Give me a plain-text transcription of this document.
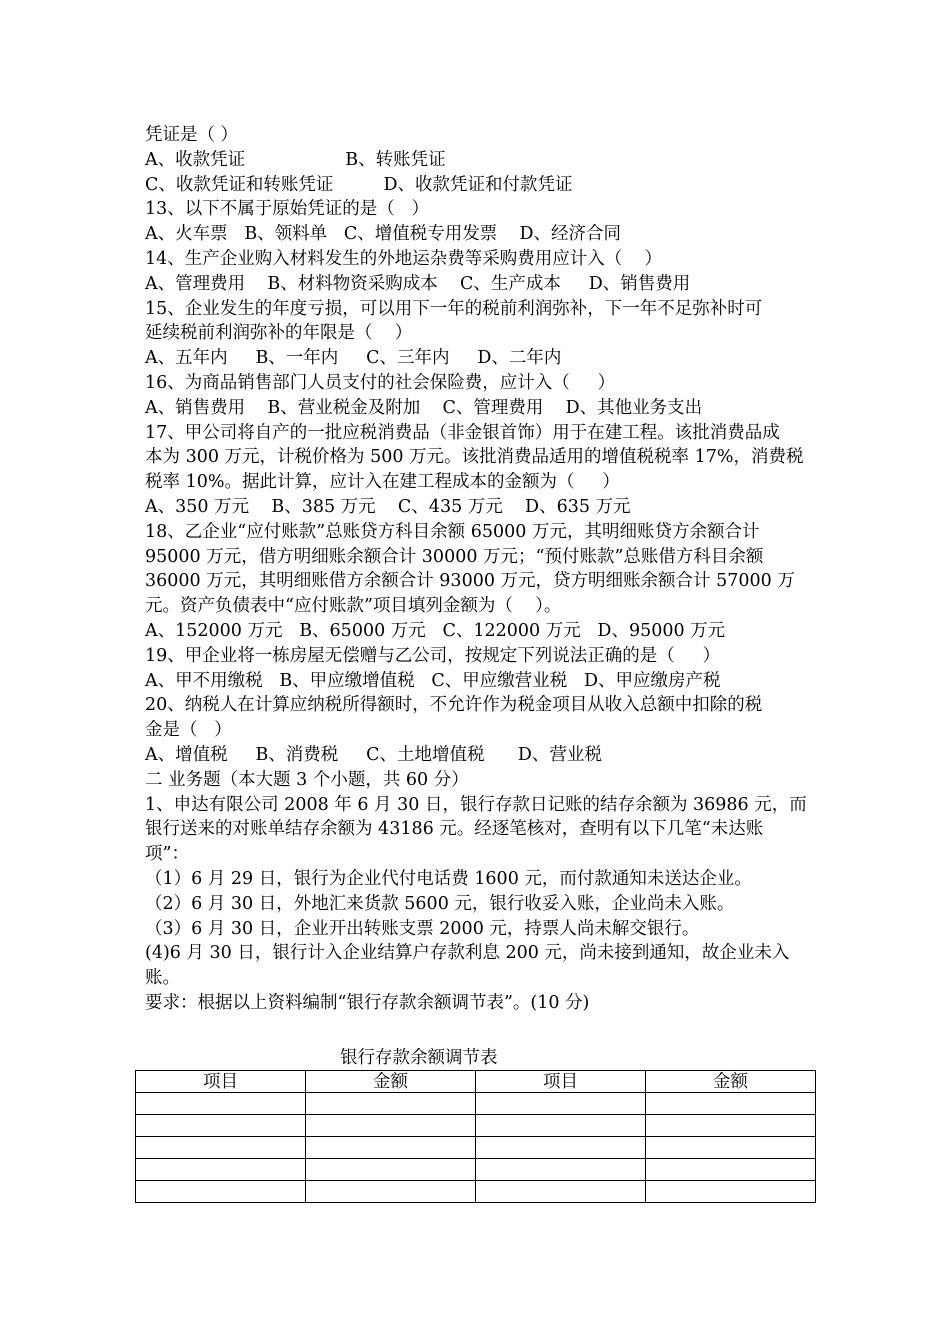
凭证是（ ）
A、收款凭证                  B、转账凭证
C、收款凭证和转账凭证         D、收款凭证和付款凭证
13、以下不属于原始凭证的是（   ）
A、火车票   B、领料单   C、增值税专用发票    D、经济合同
14、生产企业购入材料发生的外地运杂费等采购费用应计入（    ）
A、管理费用    B、材料物资采购成本    C、生产成本     D、销售费用
15、企业发生的年度亏损，可以用下一年的税前利润弥补，下一年不足弥补时可
延续税前利润弥补的年限是（    ）
A、五年内     B、一年内     C、三年内     D、二年内
16、为商品销售部门人员支付的社会保险费，应计入（     ）
A、销售费用    B、营业税金及附加    C、管理费用    D、其他业务支出
17、甲公司将自产的一批应税消费品（非金银首饰）用于在建工程。该批消费品成
本为 300 万元，计税价格为 500 万元。该批消费品适用的增值税税率 17%，消费税
税率 10%。据此计算，应计入在建工程成本的金额为（     ）
A、350 万元    B、385 万元    C、435 万元    D、635 万元
18、乙企业“应付账款”总账贷方科目余额 65000 万元，其明细账贷方余额合计
95000 万元，借方明细账余额合计 30000 万元；“预付账款”总账借方科目余额
36000 万元，其明细账借方余额合计 93000 万元，贷方明细账余额合计 57000 万
元。资产负债表中“应付账款”项目填列金额为（    ）。
A、152000 万元   B、65000 万元   C、122000 万元   D、95000 万元
19、甲企业将一栋房屋无偿赠与乙公司，按规定下列说法正确的是（     ）
A、甲不用缴税   B、甲应缴增值税   C、甲应缴营业税   D、甲应缴房产税
20、纳税人在计算应纳税所得额时，不允许作为税金项目从收入总额中扣除的税
金是（   ）
A、增值税     B、消费税     C、土地增值税      D、营业税
二 业务题（本大题 3 个小题，共 60 分）
1、申达有限公司 2008 年 6 月 30 日，银行存款日记账的结存余额为 36986 元，而
银行送来的对账单结存余额为 43186 元。经逐笔核对，查明有以下几笔“未达账
项”：
（1）6 月 29 日，银行为企业代付电话费 1600 元，而付款通知未送达企业。
（2）6 月 30 日，外地汇来货款 5600 元，银行收妥入账，企业尚未入账。
（3）6 月 30 日，企业开出转账支票 2000 元，持票人尚未解交银行。
(4)6 月 30 日，银行计入企业结算户存款利息 200 元，尚未接到通知，故企业未入
账。
要求：根据以上资料编制“银行存款余额调节表”。(10 分)
银行存款余额调节表
项目	金额	项目	金额
